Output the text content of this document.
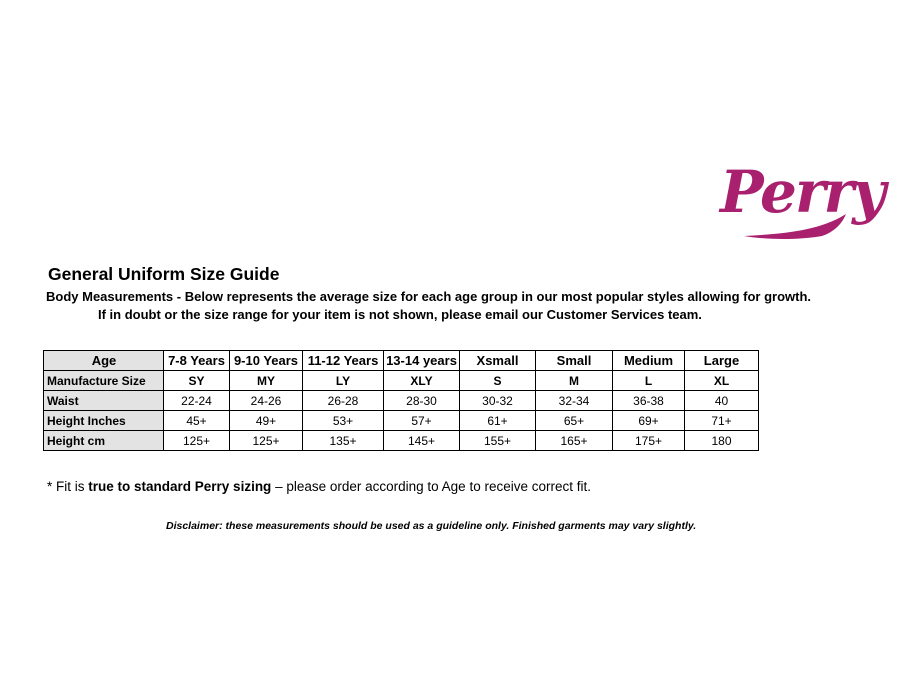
Perry
General Uniform Size Guide
Body Measurements - Below represents the average size for each age group in our most popular styles allowing for growth.
If in doubt or the size range for your item is not shown, please email our Customer Services team.
Age	7-8 Years	9-10 Years	11-12 Years	13-14 years	Xsmall	Small	Medium	Large
Manufacture Size	SY	MY	LY	XLY	S	M	L	XL
Waist	22-24	24-26	26-28	28-30	30-32	32-34	36-38	40
Height Inches	45+	49+	53+	57+	61+	65+	69+	71+
Height cm	125+	125+	135+	145+	155+	165+	175+	180
* Fit is true to standard Perry sizing – please order according to Age to receive correct fit.
Disclaimer: these measurements should be used as a guideline only. Finished garments may vary slightly.
